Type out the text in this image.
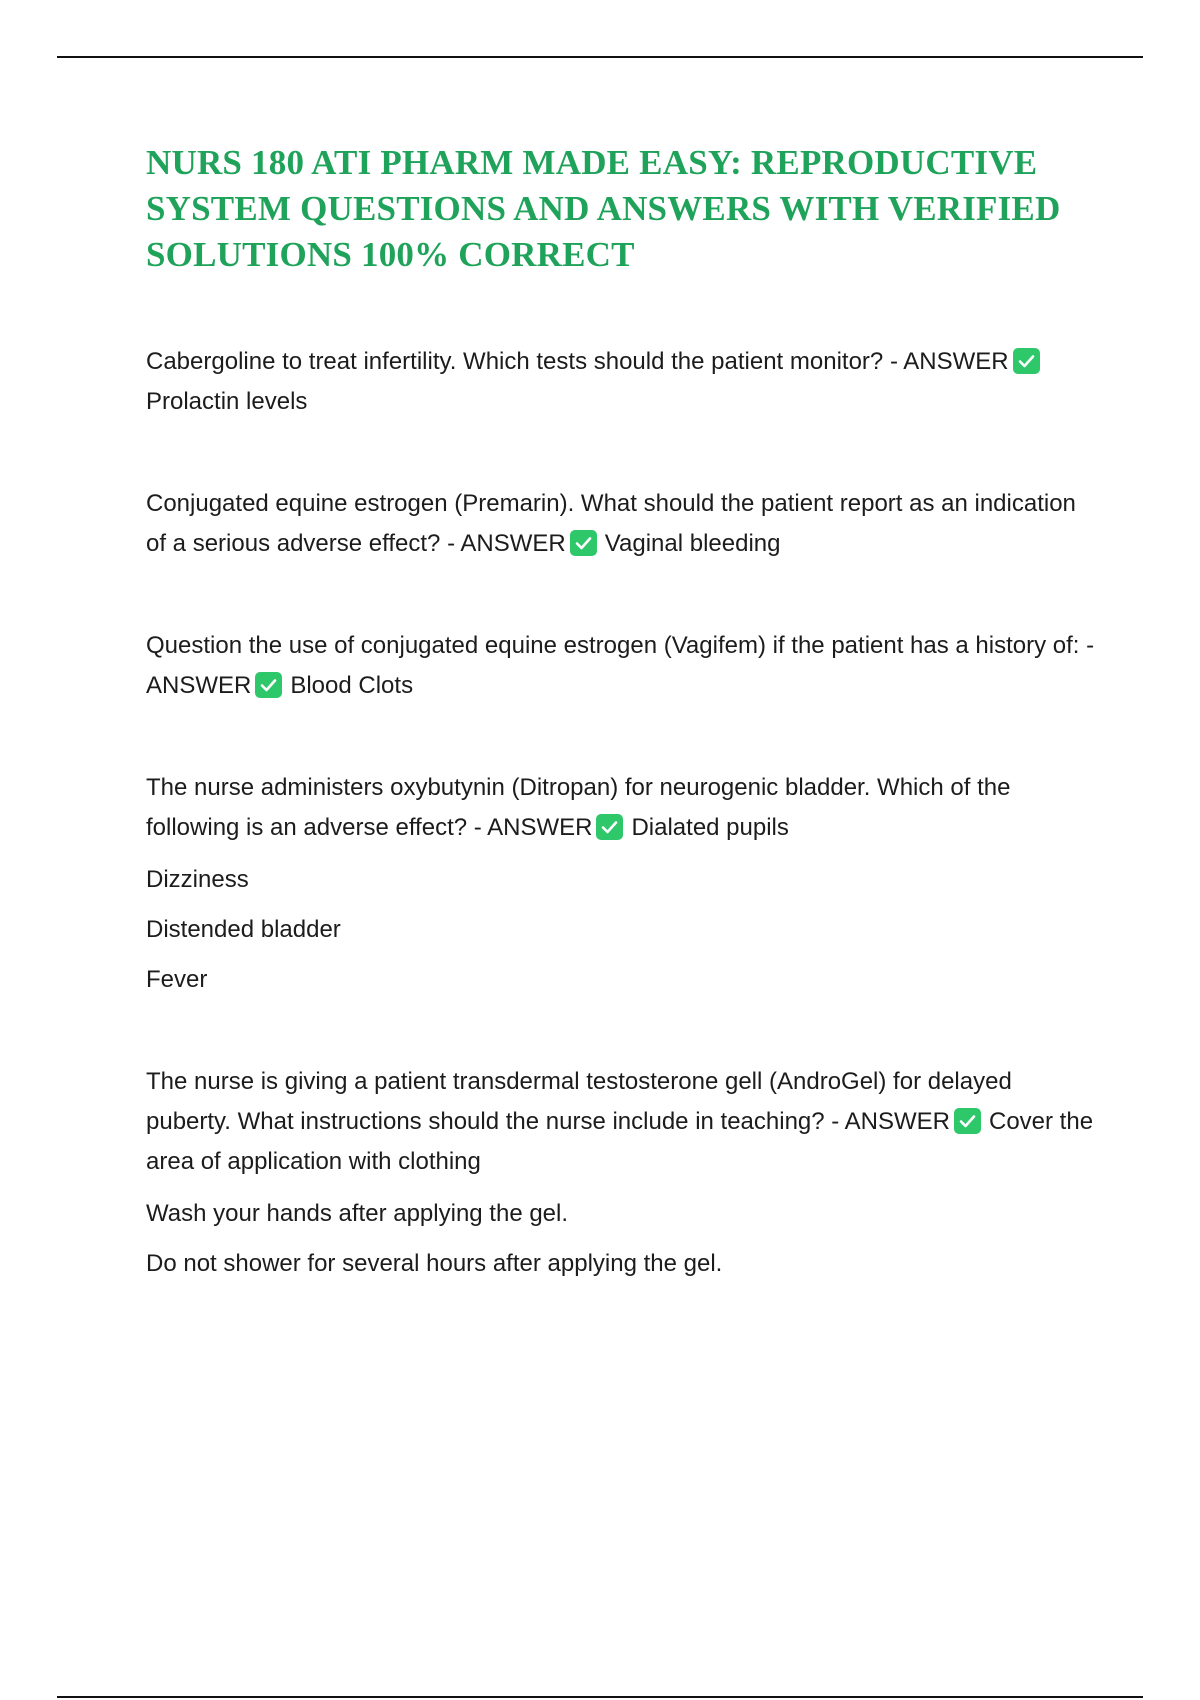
NURS 180 ATI PHARM MADE EASY: REPRODUCTIVE SYSTEM QUESTIONS AND ANSWERS WITH VERIFIED SOLUTIONS 100% CORRECT

Cabergoline to treat infertility. Which tests should the patient monitor? - ANSWER
Prolactin levels

Conjugated equine estrogen (Premarin). What should the patient report as an indication of a serious adverse effect? - ANSWER Vaginal bleeding

Question the use of conjugated equine estrogen (Vagifem) if the patient has a history of: - ANSWER Blood Clots

The nurse administers oxybutynin (Ditropan) for neurogenic bladder. Which of the following is an adverse effect? - ANSWER Dialated pupils

Dizziness

Distended bladder

Fever

The nurse is giving a patient transdermal testosterone gell (AndroGel) for delayed puberty. What instructions should the nurse include in teaching? - ANSWER Cover the area of application with clothing

Wash your hands after applying the gel.

Do not shower for several hours after applying the gel.
